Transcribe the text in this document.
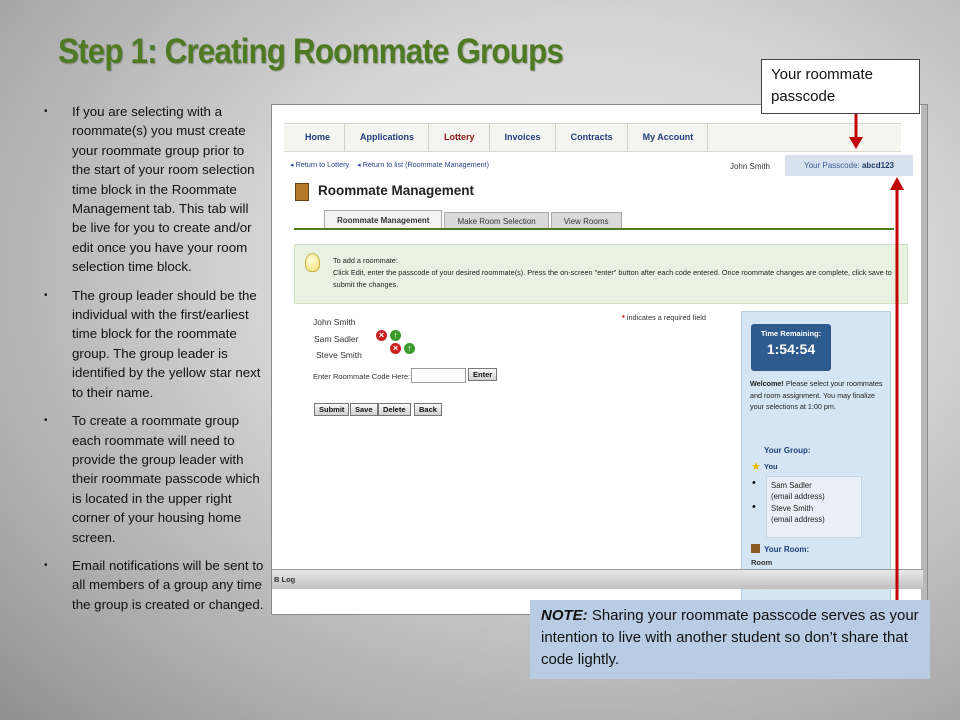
Step 1: Creating Roommate Groups
• If you are selecting with a roommate(s) you must create your roommate group prior to the start of your room selection time block in the Roommate Management tab. This tab will be live for you to create and/or edit once you have your room selection time block.
• The group leader should be the individual with the first/earliest time block for the roommate group. The group leader is identified by the yellow star next to their name.
• To create a roommate group each roommate will need to provide the group leader with their roommate passcode which is located in the upper right corner of your housing home screen.
• Email notifications will be sent to all members of a group any time the group is created or changed.
Home	Applications	Lottery	Invoices	Contracts	My Account
◂ Return to Lottery ◂ Return to list (Roommate Management)	John Smith	Your Passcode: abcd123
Roommate Management
Roommate Management	Make Room Selection	View Rooms
To add a roommate:
Click Edit, enter the passcode of your desired roommate(s). Press the on-screen "enter" button after each code entered. Once roommate changes are complete, click save to submit the changes.
* indicates a required field
John Smith
Sam Sadler
Steve Smith
×	↑
×	↑
Enter Roommate Code Here:	Enter
Submit	Save	Delete	Back
Time Remaining:
1:54:54
Welcome! Please select your roommates and room assignment. You may finalize your selections at 1:00 pm.
Your Group:
★ You
•
•
Sam Sadler
(email address)
Steve Smith
(email address)
Your Room:
Room
B Log
Your roommate passcode
NOTE: Sharing your roommate passcode serves as your intention to live with another student so don’t share that code lightly.
